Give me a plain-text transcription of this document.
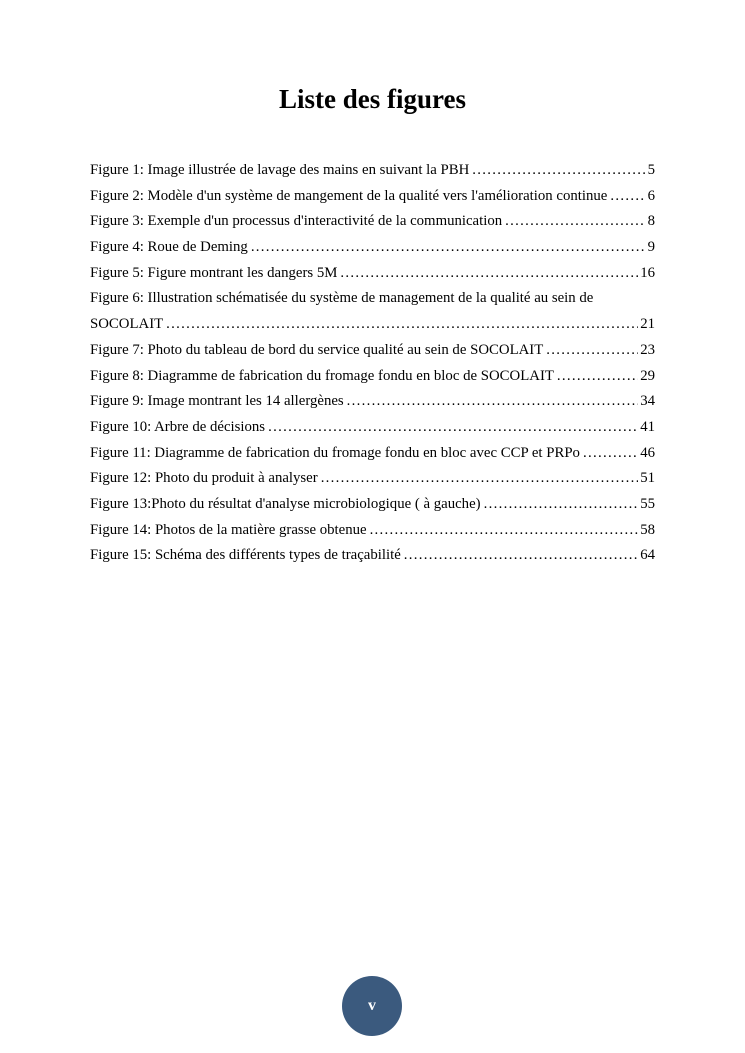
Liste des figures
Figure 1: Image illustrée de lavage des mains en suivant la PBH .....	5
Figure 2: Modèle d'un système de mangement de la qualité vers l'amélioration continue .....	6
Figure 3: Exemple d'un processus d'interactivité de la communication .....	8
Figure 4: Roue de Deming .....	9
Figure 5: Figure montrant les dangers 5M .....	16
Figure 6: Illustration schématisée du système de management de la qualité au sein de
SOCOLAIT .....	21
Figure 7: Photo du tableau de bord du service qualité au sein de SOCOLAIT .....	23
Figure 8: Diagramme de fabrication du fromage fondu en bloc de SOCOLAIT .....	29
Figure 9: Image montrant les 14 allergènes .....	34
Figure 10: Arbre de décisions .....	41
Figure 11: Diagramme de fabrication du fromage fondu en bloc avec CCP et PRPo .....	46
Figure 12: Photo du produit à analyser .....	51
Figure 13:Photo du résultat d'analyse microbiologique ( à gauche) .....	55
Figure 14: Photos de la matière grasse obtenue .....	58
Figure 15: Schéma des différents types de traçabilité .....	64
v
